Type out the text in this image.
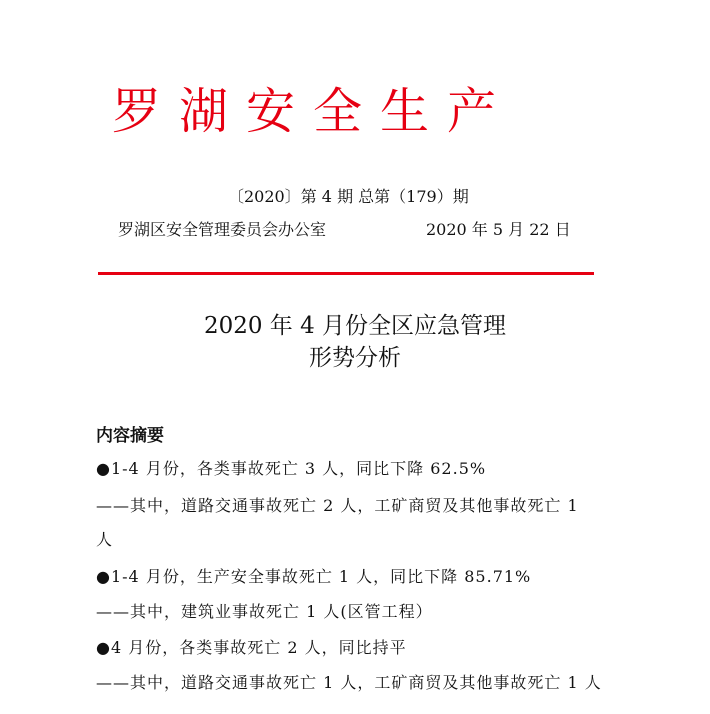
罗湖安全生产
〔2020〕第 4 期 总第（179）期
罗湖区安全管理委员会办公室	2020 年 5 月 22 日
2020 年 4 月份全区应急管理
形势分析
内容摘要
●1-4 月份，各类事故死亡 3 人，同比下降 62.5%
——其中，道路交通事故死亡 2 人，工矿商贸及其他事故死亡 1
人
●1-4 月份，生产安全事故死亡 1 人，同比下降 85.71%
——其中，建筑业事故死亡 1 人(区管工程）
●4 月份，各类事故死亡 2 人，同比持平
——其中，道路交通事故死亡 1 人，工矿商贸及其他事故死亡 1 人
